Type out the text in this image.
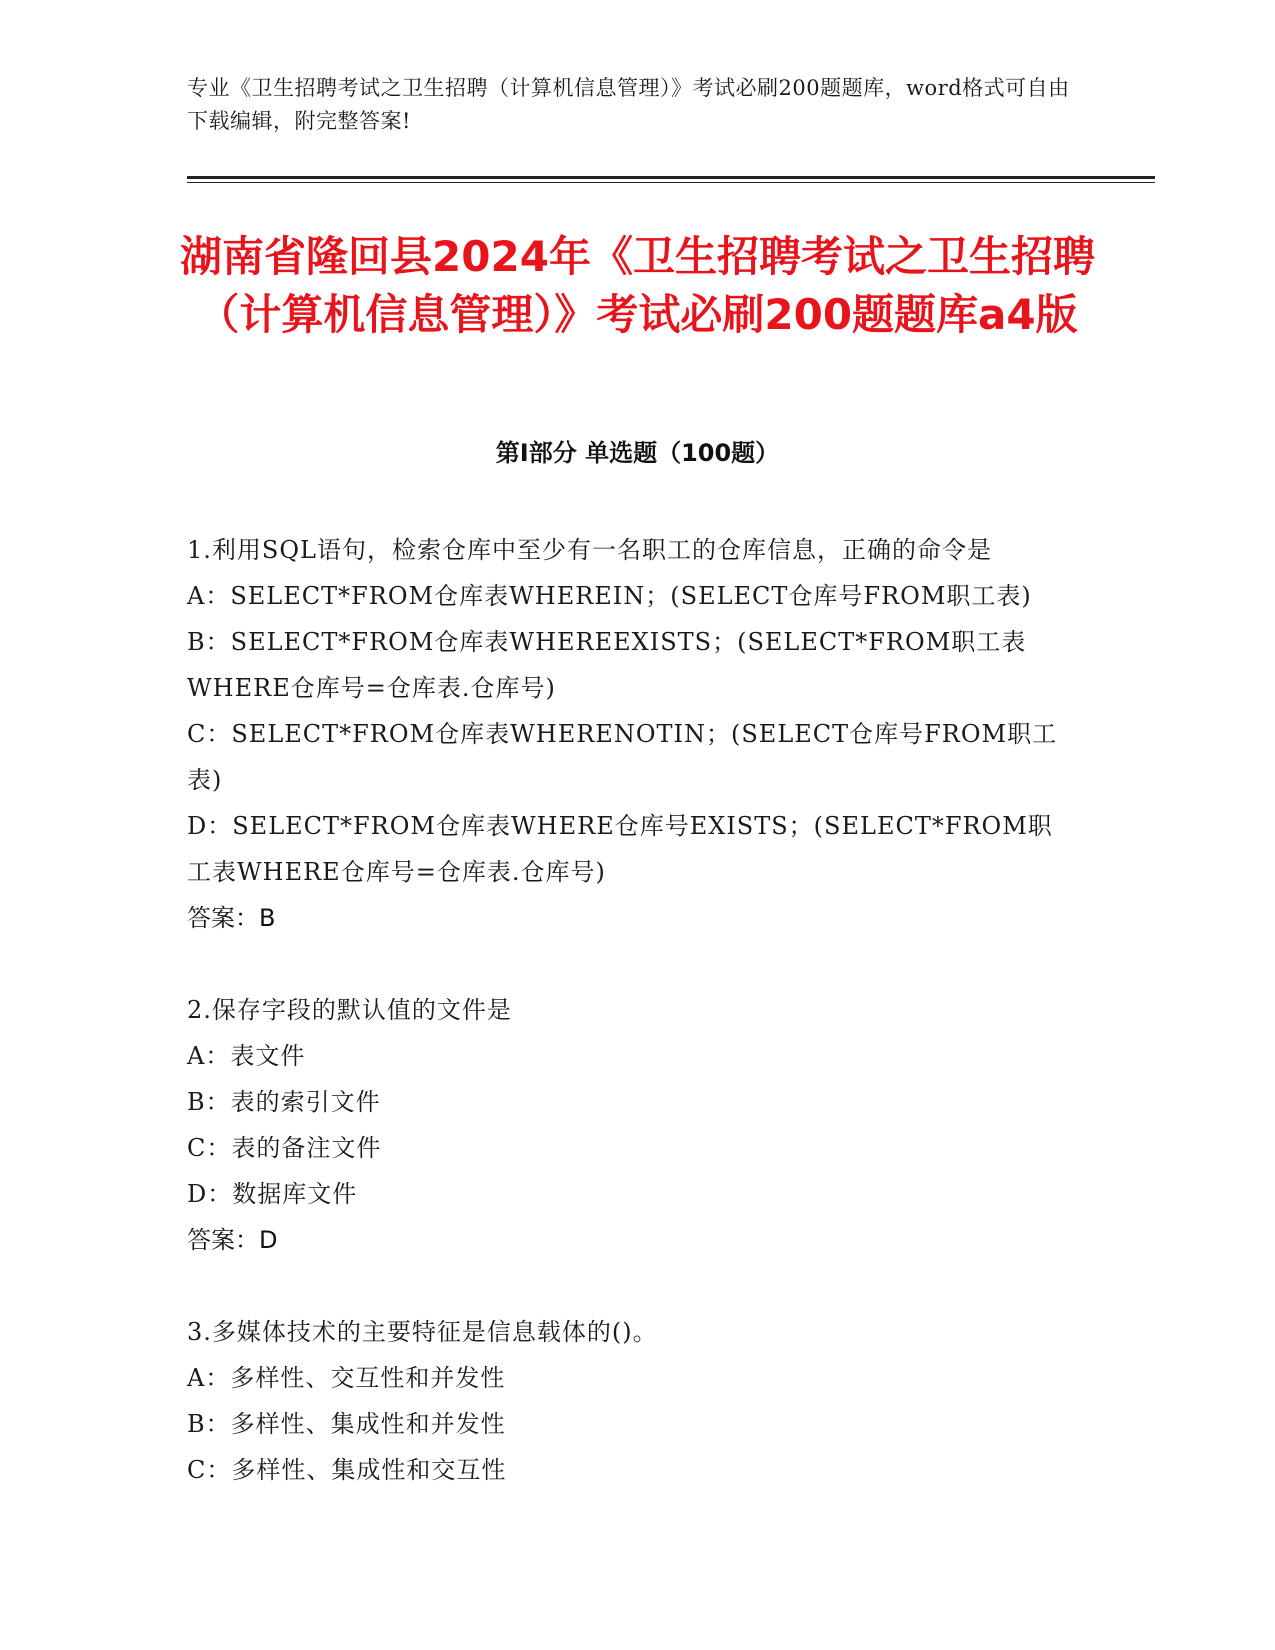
专业《卫生招聘考试之卫生招聘（计算机信息管理）》考试必刷200题题库，word格式可自由下载编辑，附完整答案!
湖南省隆回县2024年《卫生招聘考试之卫生招聘（计算机信息管理）》考试必刷200题题库a4版
第Ⅰ部分 单选题（100题）
1.利用SQL语句，检索仓库中至少有一名职工的仓库信息，正确的命令是
A：SELECT*FROM仓库表WHEREIN；(SELECT仓库号FROM职工表)
B：SELECT*FROM仓库表WHEREEXISTS；(SELECT*FROM职工表WHERE仓库号=仓库表.仓库号)
C：SELECT*FROM仓库表WHERENOTIN；(SELECT仓库号FROM职工表)
D：SELECT*FROM仓库表WHERE仓库号EXISTS；(SELECT*FROM职工表WHERE仓库号=仓库表.仓库号)
答案：B
2.保存字段的默认值的文件是
A：表文件
B：表的索引文件
C：表的备注文件
D：数据库文件
答案：D
3.多媒体技术的主要特征是信息载体的()。
A：多样性、交互性和并发性
B：多样性、集成性和并发性
C：多样性、集成性和交互性
